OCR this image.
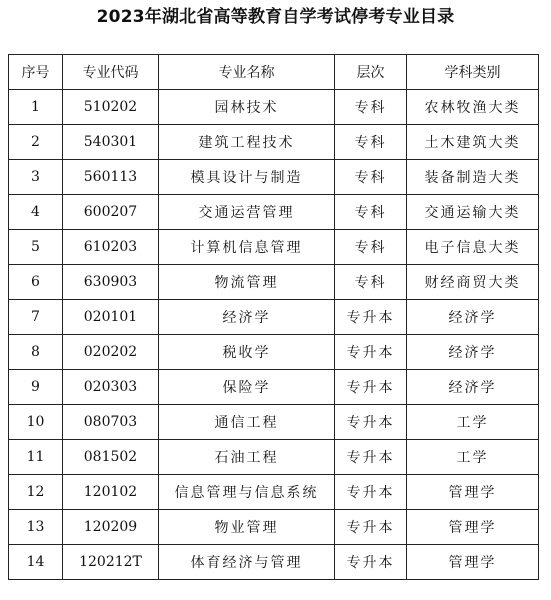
2023年湖北省高等教育自学考试停考专业目录
序号	专业代码	专业名称	层次	学科类别
1	510202	园林技术	专科	农林牧渔大类
2	540301	建筑工程技术	专科	土木建筑大类
3	560113	模具设计与制造	专科	装备制造大类
4	600207	交通运营管理	专科	交通运输大类
5	610203	计算机信息管理	专科	电子信息大类
6	630903	物流管理	专科	财经商贸大类
7	020101	经济学	专升本	经济学
8	020202	税收学	专升本	经济学
9	020303	保险学	专升本	经济学
10	080703	通信工程	专升本	工学
11	081502	石油工程	专升本	工学
12	120102	信息管理与信息系统	专升本	管理学
13	120209	物业管理	专升本	管理学
14	120212T	体育经济与管理	专升本	管理学
